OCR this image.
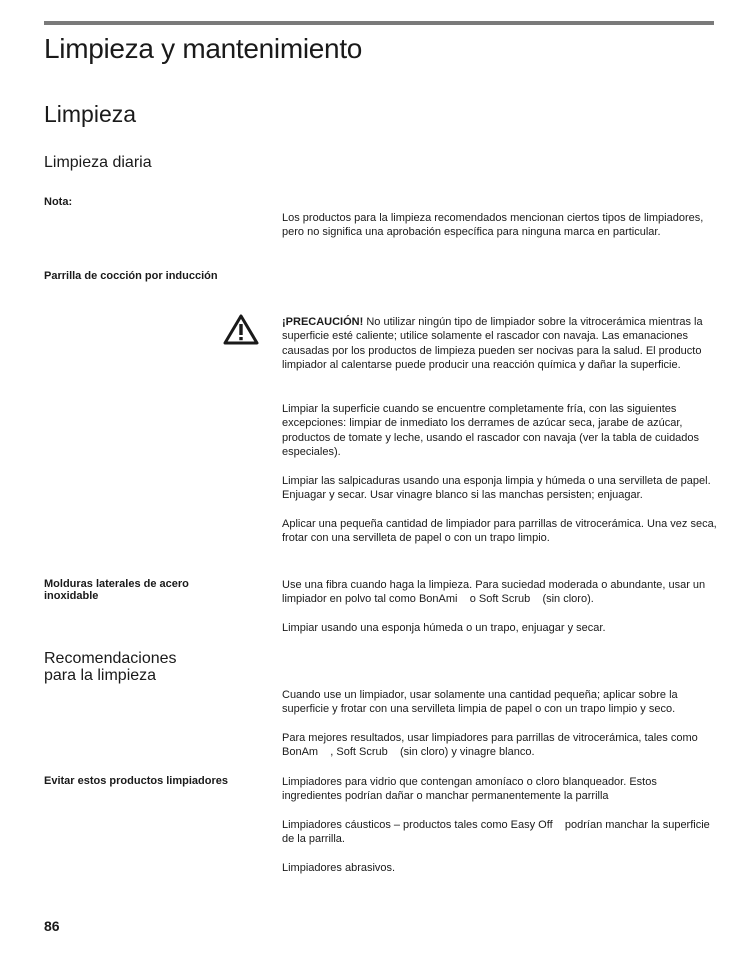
Limpieza y mantenimiento
Limpieza
Limpieza diaria
Nota:
Los productos para la limpieza recomendados mencionan ciertos tipos de limpiadores, pero no significa una aprobación específica para ninguna marca en particular.
Parrilla de cocción por inducción
¡PRECAUCIÓN! No utilizar ningún tipo de limpiador sobre la vitrocerámica mientras la superficie esté caliente; utilice solamente el rascador con navaja. Las emanaciones causadas por los productos de limpieza pueden ser nocivas para la salud. El producto limpiador al calentarse puede producir una reacción química y dañar la superficie.
Limpiar la superficie cuando se encuentre completamente fría, con las siguientes excepciones: limpiar de inmediato los derrames de azúcar seca, jarabe de azúcar, productos de tomate y leche, usando el rascador con navaja (ver la tabla de cuidados especiales).
Limpiar las salpicaduras usando una esponja limpia y húmeda o una servilleta de papel. Enjuagar y secar. Usar vinagre blanco si las manchas persisten; enjuagar.
Aplicar una pequeña cantidad de limpiador para parrillas de vitrocerámica. Una vez seca, frotar con una servilleta de papel o con un trapo limpio.
Molduras laterales de acero
inoxidable
Use una fibra cuando haga la limpieza. Para suciedad moderada o abundante, usar un limpiador en polvo tal como BonAmi    o Soft Scrub    (sin cloro).
Limpiar usando una esponja húmeda o un trapo, enjuagar y secar.
Recomendaciones
para la limpieza
Cuando use un limpiador, usar solamente una cantidad pequeña; aplicar sobre la superficie y frotar con una servilleta limpia de papel o con un trapo limpio y seco.
Para mejores resultados, usar limpiadores para parrillas de vitrocerámica, tales como BonAm    , Soft Scrub    (sin cloro) y vinagre blanco.
Evitar estos productos limpiadores	Limpiadores para vidrio que contengan amoníaco o cloro blanqueador. Estos ingredientes podrían dañar o manchar permanentemente la parrilla
Limpiadores cáusticos – productos tales como Easy Off    podrían manchar la superficie de la parrilla.
Limpiadores abrasivos.
86
